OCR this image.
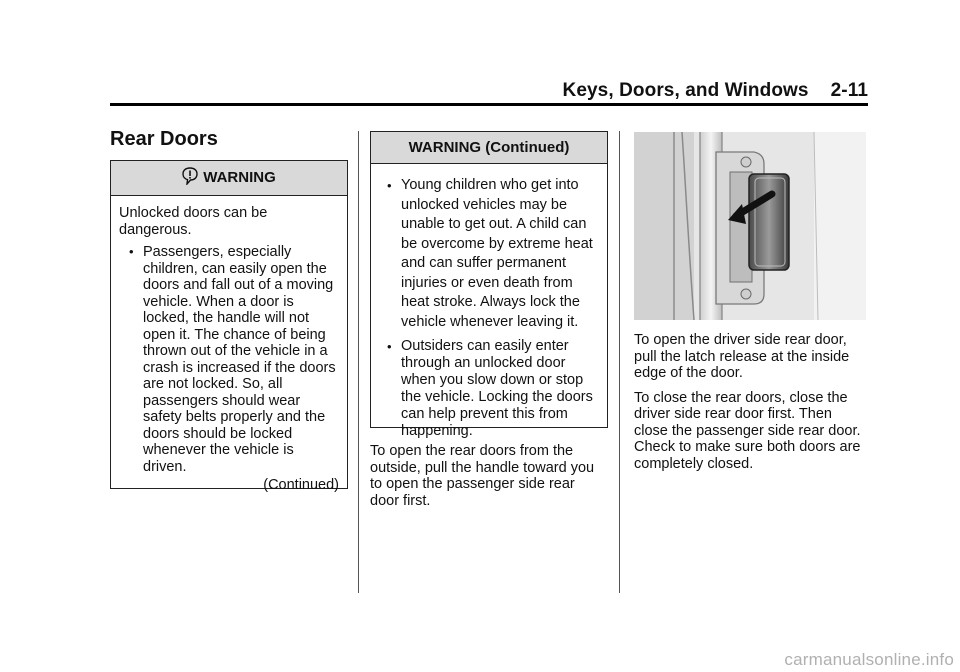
Keys, Doors, and Windows 2-11
Rear Doors
WARNING

Unlocked doors can be dangerous.

• Passengers, especially children, can easily open the doors and fall out of a moving vehicle. When a door is locked, the handle will not open it. The chance of being thrown out of the vehicle in a crash is increased if the doors are not locked. So, all passengers should wear safety belts properly and the doors should be locked whenever the vehicle is driven.

(Continued)
WARNING (Continued)
• Young children who get into unlocked vehicles may be unable to get out. A child can be overcome by extreme heat and can suffer permanent injuries or even death from heat stroke. Always lock the vehicle whenever leaving it.

• Outsiders can easily enter through an unlocked door when you slow down or stop the vehicle. Locking the doors can help prevent this from happening.

To open the rear doors from the outside, pull the handle toward you to open the passenger side rear door first.

To open the driver side rear door, pull the latch release at the inside edge of the door.

To close the rear doors, close the driver side rear door first. Then close the passenger side rear door. Check to make sure both doors are completely closed.

carmanualsonline.info
